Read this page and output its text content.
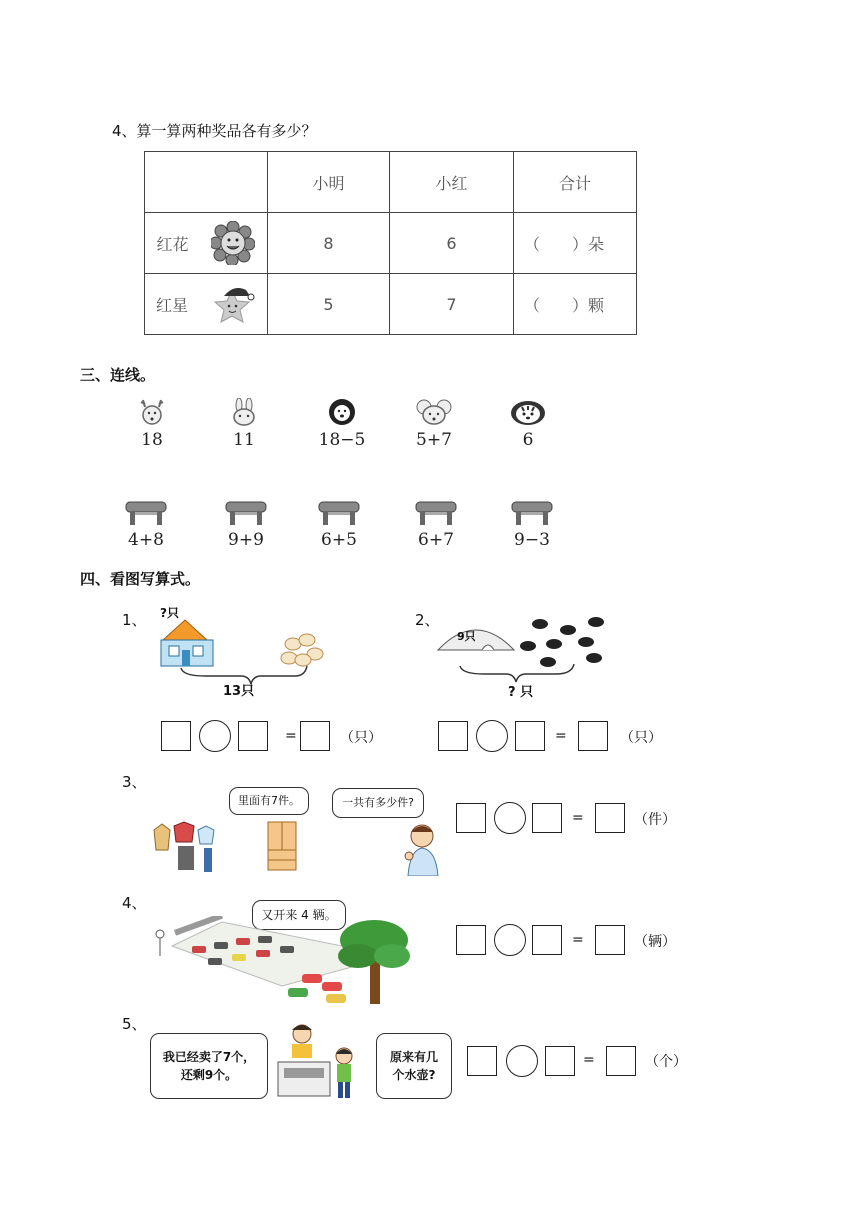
4、算一算两种奖品各有多少？
	小明	小红	合计

红花	8	6	（　　）朵

红星	5	7	（　　）颗
三、连线。
18	11	18−5	5+7	6
4+8	9+9	6+5	6+7	9−3
四、看图写算式。
1、 ?只
13只
=	（只）
2、
9只
? 只
=	（只）
3、
里面有7件。	一共有多少件?
=	（件）
4、
又开来 4 辆。
=	（辆）
5、
我已经卖了7个，
还剩9个。
原来有几
个水壶?
=	（个）
